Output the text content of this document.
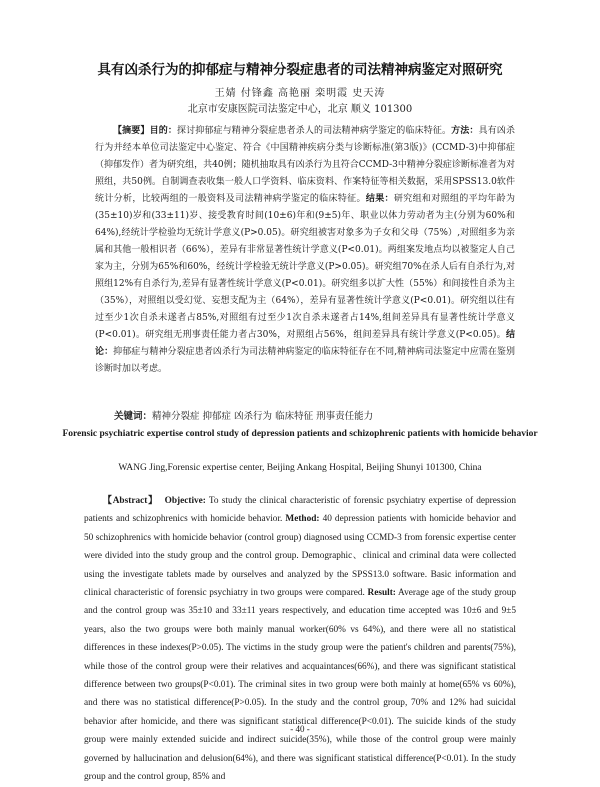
具有凶杀行为的抑郁症与精神分裂症患者的司法精神病鉴定对照研究
王婧 付锋鑫 高艳丽 栾明霞 史天涛
北京市安康医院司法鉴定中心，北京 顺义 101300

【摘要】目的：探讨抑郁症与精神分裂症患者杀人的司法精神病学鉴定的临床特征。方法：具有凶杀行为并经本单位司法鉴定中心鉴定、符合《中国精神疾病分类与诊断标准(第3版)》(CCMD-3)中抑郁症（抑郁发作）者为研究组，共40例；随机抽取具有凶杀行为且符合CCMD-3中精神分裂症诊断标准者为对照组，共50例。自制调查表收集一般人口学资料、临床资料、作案特征等相关数据，采用SPSS13.0软件统计分析，比较两组的一般资料及司法精神病学鉴定的临床特征。结果：研究组和对照组的平均年龄为(35±10)岁和(33±11)岁、接受教育时间(10±6)年和(9±5)年、职业以体力劳动者为主(分别为60%和64%),经统计学检验均无统计学意义(P>0.05)。研究组被害对象多为子女和父母（75%）,对照组多为亲属和其他一般相识者（66%），差异有非常显著性统计学意义(P<0.01)。两组案发地点均以被鉴定人自己家为主，分别为65%和60%，经统计学检验无统计学意义(P>0.05)。研究组70%在杀人后有自杀行为,对照组12%有自杀行为,差异有显著性统计学意义(P<0.01)。研究组多以扩大性（55%）和间接性自杀为主（35%），对照组以受幻觉、妄想支配为主（64%），差异有显著性统计学意义(P<0.01)。研究组以往有过至少1次自杀未遂者占85%,对照组有过至少1次自杀未遂者占14%,组间差异具有显著性统计学意义(P<0.01)。研究组无刑事责任能力者占30%，对照组占56%，组间差异具有统计学意义(P<0.05)。结论：抑郁症与精神分裂症患者凶杀行为司法精神病鉴定的临床特征存在不同,精神病司法鉴定中应需在鉴别诊断时加以考虑。

关键词：精神分裂症 抑郁症 凶杀行为 临床特征 刑事责任能力

Forensic psychiatric expertise control study of depression patients and schizophrenic patients with homicide behavior
WANG Jing,Forensic expertise center, Beijing Ankang Hospital, Beijing Shunyi 101300, China

【Abstract】 Objective: To study the clinical characteristic of forensic psychiatry expertise of depression patients and schizophrenics with homicide behavior. Method: 40 depression patients with homicide behavior and 50 schizophrenics with homicide behavior (control group) diagnosed using CCMD-3 from forensic expertise center were divided into the study group and the control group. Demographic、clinical and criminal data were collected using the investigate tablets made by ourselves and analyzed by the SPSS13.0 software. Basic information and clinical characteristic of forensic psychiatry in two groups were compared. Result: Average age of the study group and the control group was 35±10 and 33±11 years respectively, and education time accepted was 10±6 and 9±5 years, also the two groups were both mainly manual worker(60% vs 64%), and there were all no statistical differences in these indexes(P>0.05). The victims in the study group were the patient's children and parents(75%), while those of the control group were their relatives and acquaintances(66%), and there was significant statistical difference between two groups(P<0.01). The criminal sites in two group were both mainly at home(65% vs 60%), and there was no statistical difference(P>0.05). In the study and the control group, 70% and 12% had suicidal behavior after homicide, and there was significant statistical difference(P<0.01). The suicide kinds of the study group were mainly extended suicide and indirect suicide(35%), while those of the control group were mainly governed by hallucination and delusion(64%), and there was significant statistical difference(P<0.01). In the study group and the control group, 85% and

- 40 -
